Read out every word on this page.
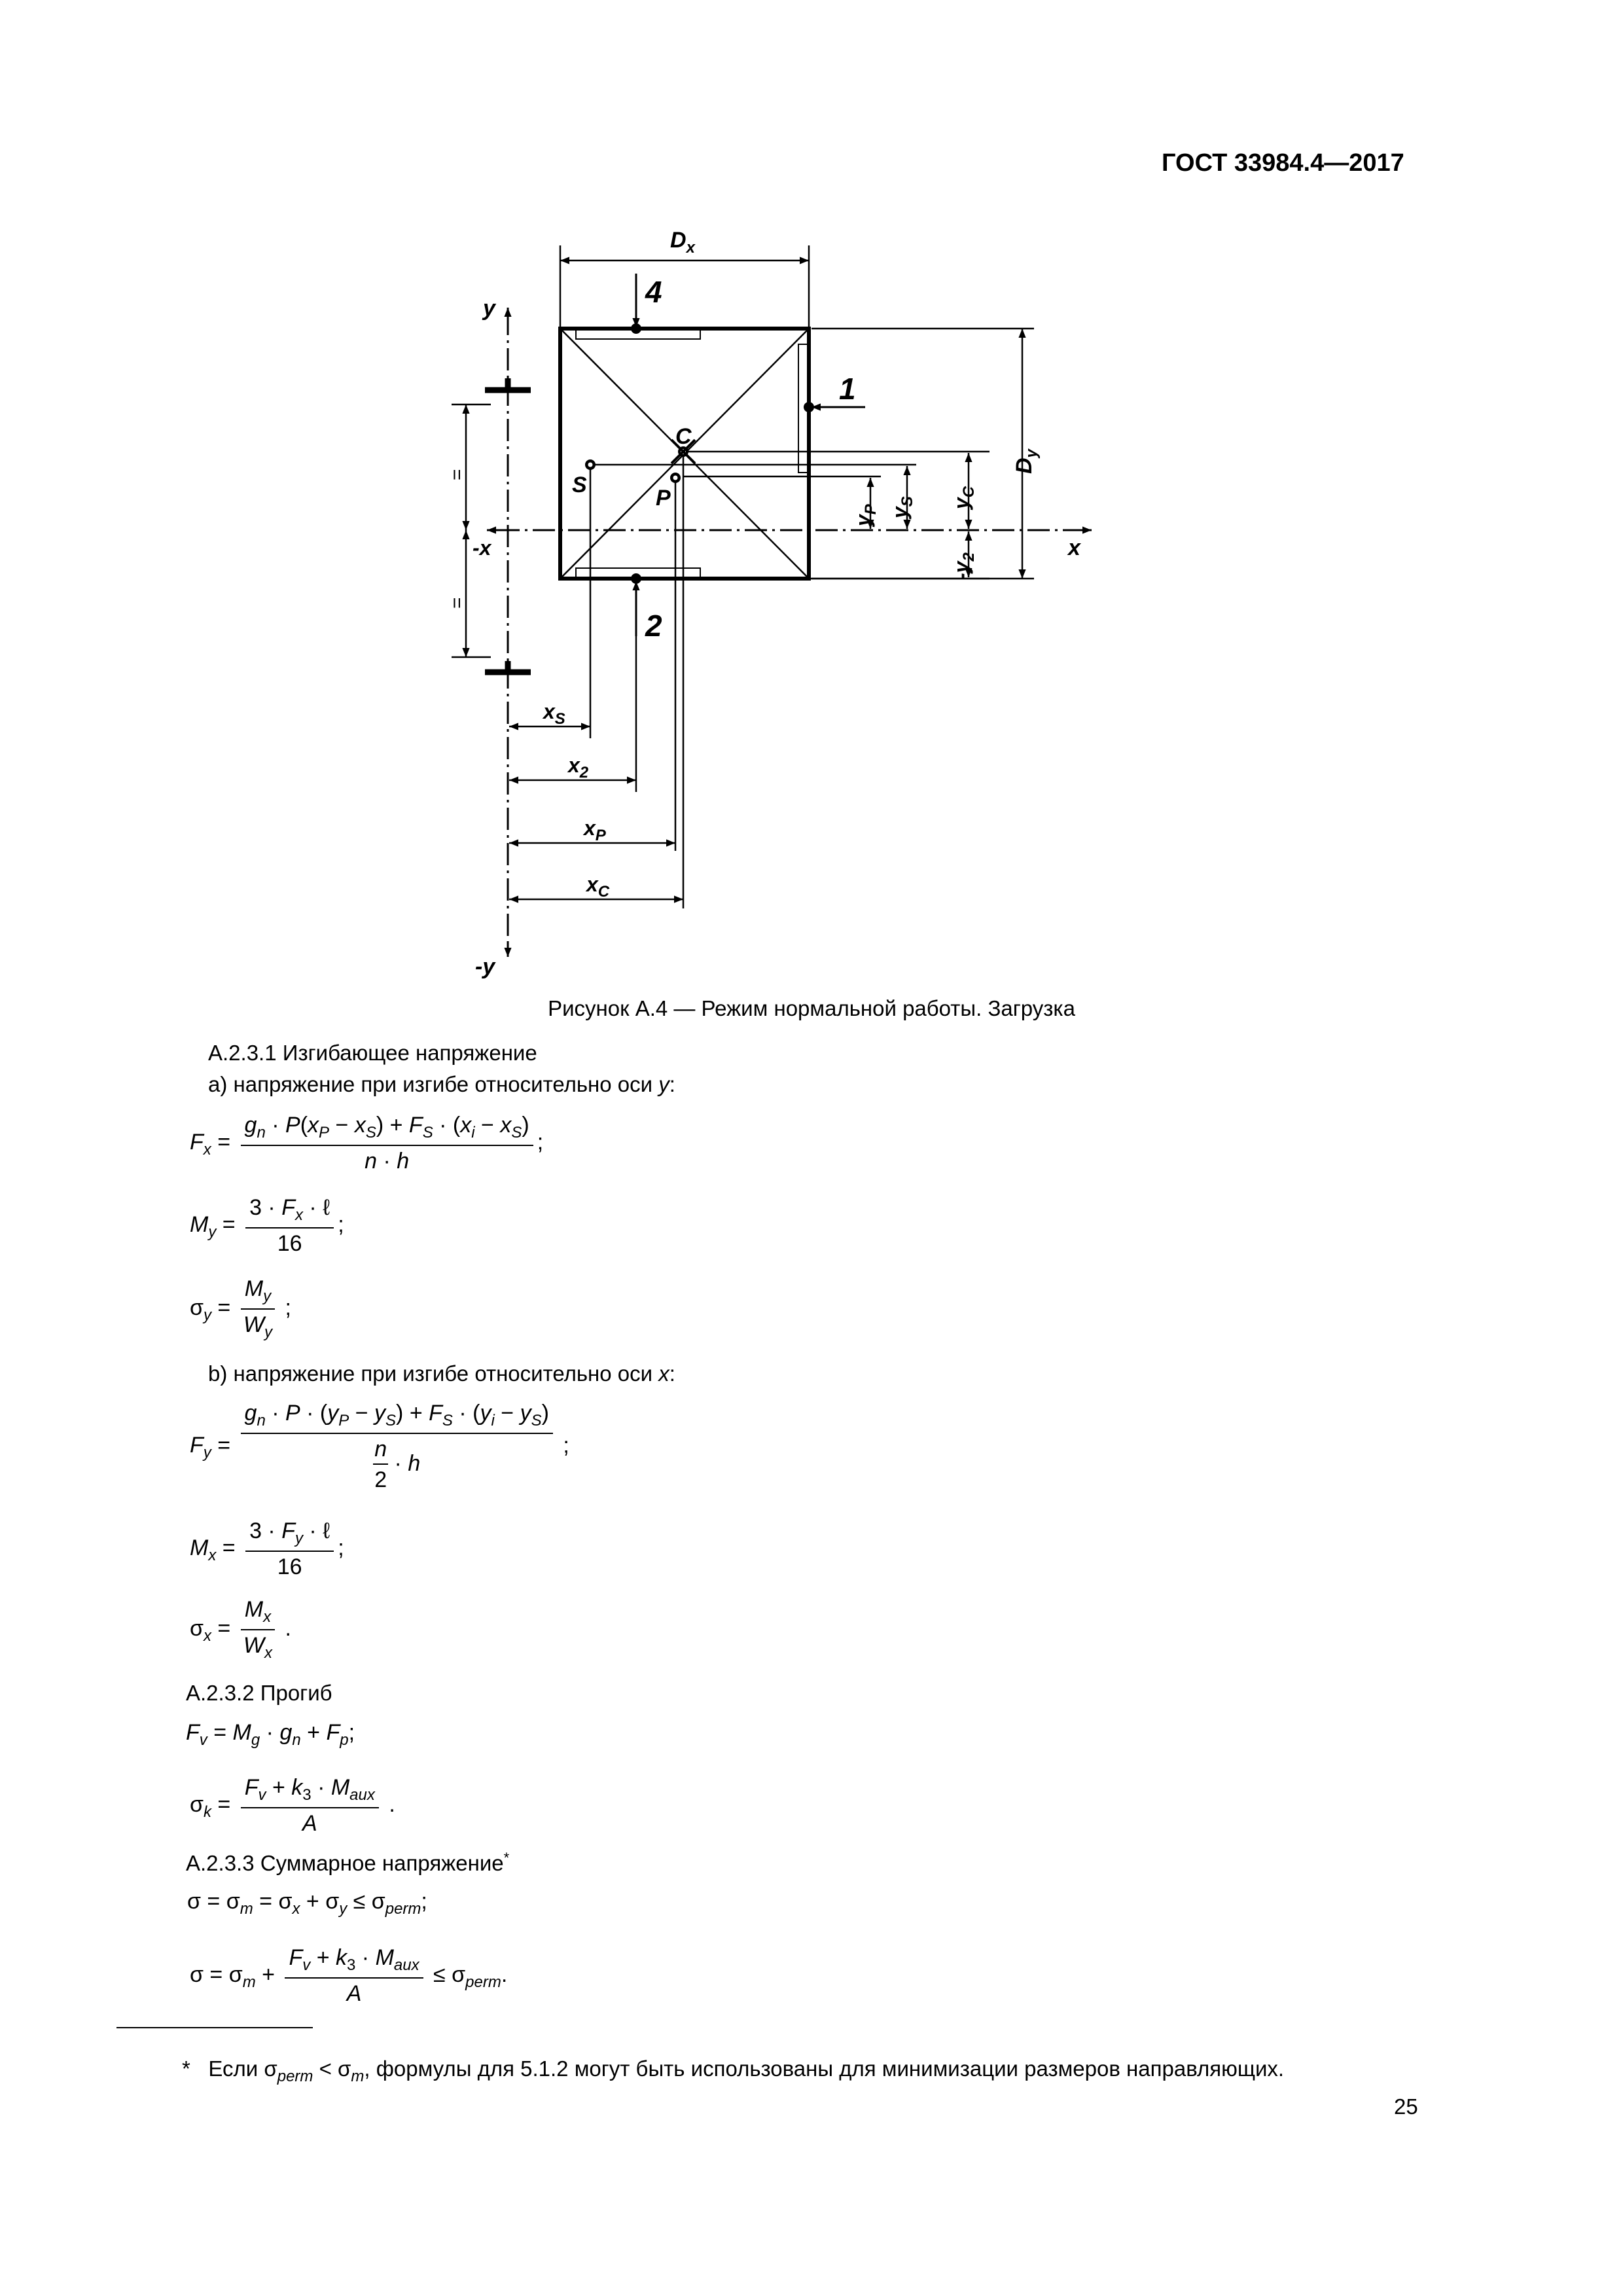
ГОСТ 33984.4—2017
$D_x$
y
-y
x
-x
4
1
2
C
S
P
=
=
$D_y$
$y_P$ $y_S$ $y_C$
$-y_2$
$x_S$
$x_2$
$x_P$
$x_C$
Рисунок А.4 — Режим нормальной работы. Загрузка
А.2.3.1 Изгибающее напряжение
а) напряжение при изгибе относительно оси y:
$F_x = \frac{g_n \cdot P(x_P - x_S) + F_S \cdot (x_i - x_S)}{n \cdot h}$ ;
$M_y = \frac{3 \cdot F_x \cdot \ell}{16}$ ;
$\sigma_y = \frac{M_y}{W_y}$ ;
b) напряжение при изгибе относительно оси x:
$F_y = \frac{g_n \cdot P \cdot (y_P - y_S) + F_S \cdot (y_i - y_S)}{\frac{n}{2} \cdot h}$ ;
$M_x = \frac{3 \cdot F_y \cdot \ell}{16}$ ;
$\sigma_x = \frac{M_x}{W_x}$ .
А.2.3.2 Прогиб
$F_v = M_g \cdot g_n + F_p$;
$\sigma_k = \frac{F_v + k_3 \cdot M_{aux}}{A}$ .
А.2.3.3 Суммарное напряжение*
$\sigma = \sigma_m = \sigma_x + \sigma_y \le \sigma_{perm}$;
$\sigma = \sigma_m + \frac{F_v + k_3 \cdot M_{aux}}{A} \le \sigma_{perm}$.
* Если $\sigma_{perm} < \sigma_m$, формулы для 5.1.2 могут быть использованы для минимизации размеров направляющих.
25
